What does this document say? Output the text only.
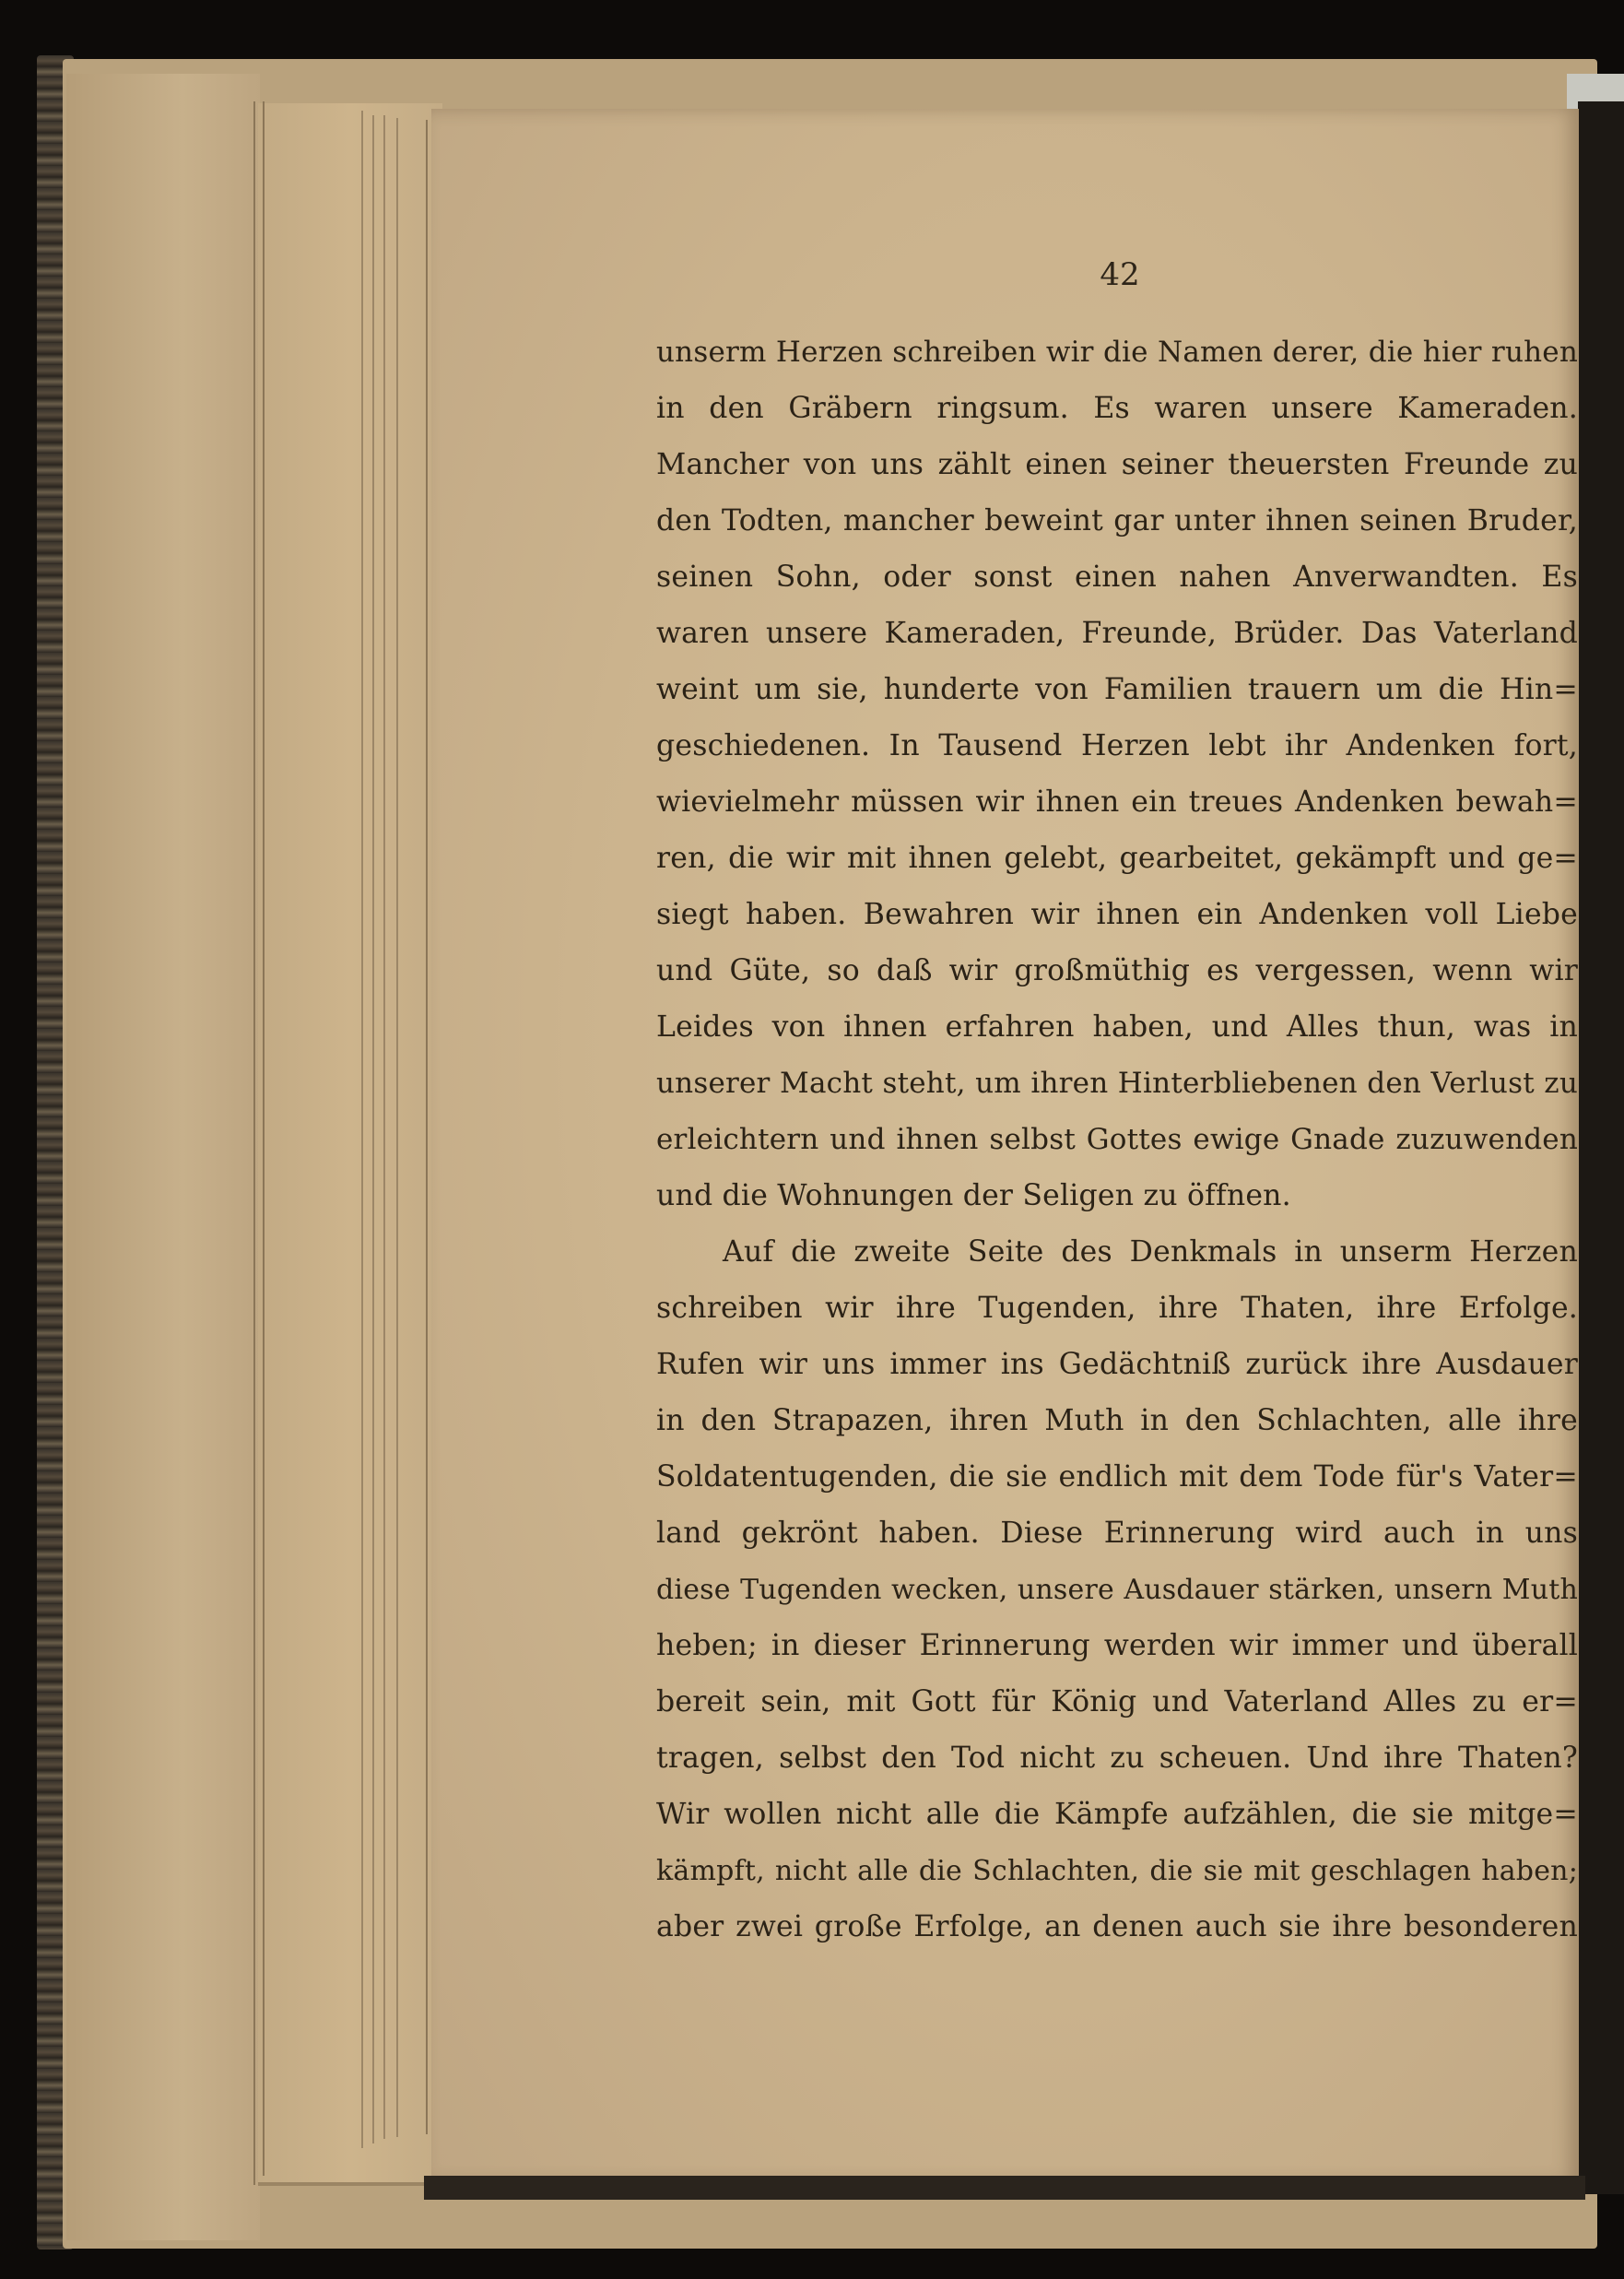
42
unserm Herzen schreiben wir die Namen derer, die hier ruhen
in den Gräbern ringsum. Es waren unsere Kameraden.
Mancher von uns zählt einen seiner theuersten Freunde zu
den Todten, mancher beweint gar unter ihnen seinen Bruder,
seinen Sohn, oder sonst einen nahen Anverwandten. Es
waren unsere Kameraden, Freunde, Brüder. Das Vaterland
weint um sie, hunderte von Familien trauern um die Hin=
geschiedenen. In Tausend Herzen lebt ihr Andenken fort,
wievielmehr müssen wir ihnen ein treues Andenken bewah=
ren, die wir mit ihnen gelebt, gearbeitet, gekämpft und ge=
siegt haben. Bewahren wir ihnen ein Andenken voll Liebe
und Güte, so daß wir großmüthig es vergessen, wenn wir
Leides von ihnen erfahren haben, und Alles thun, was in
unserer Macht steht, um ihren Hinterbliebenen den Verlust zu
erleichtern und ihnen selbst Gottes ewige Gnade zuzuwenden
und die Wohnungen der Seligen zu öffnen.
Auf die zweite Seite des Denkmals in unserm Herzen
schreiben wir ihre Tugenden, ihre Thaten, ihre Erfolge.
Rufen wir uns immer ins Gedächtniß zurück ihre Ausdauer
in den Strapazen, ihren Muth in den Schlachten, alle ihre
Soldatentugenden, die sie endlich mit dem Tode für's Vater=
land gekrönt haben. Diese Erinnerung wird auch in uns
diese Tugenden wecken, unsere Ausdauer stärken, unsern Muth
heben; in dieser Erinnerung werden wir immer und überall
bereit sein, mit Gott für König und Vaterland Alles zu er=
tragen, selbst den Tod nicht zu scheuen. Und ihre Thaten?
Wir wollen nicht alle die Kämpfe aufzählen, die sie mitge=
kämpft, nicht alle die Schlachten, die sie mit geschlagen haben;
aber zwei große Erfolge, an denen auch sie ihre besonderen
